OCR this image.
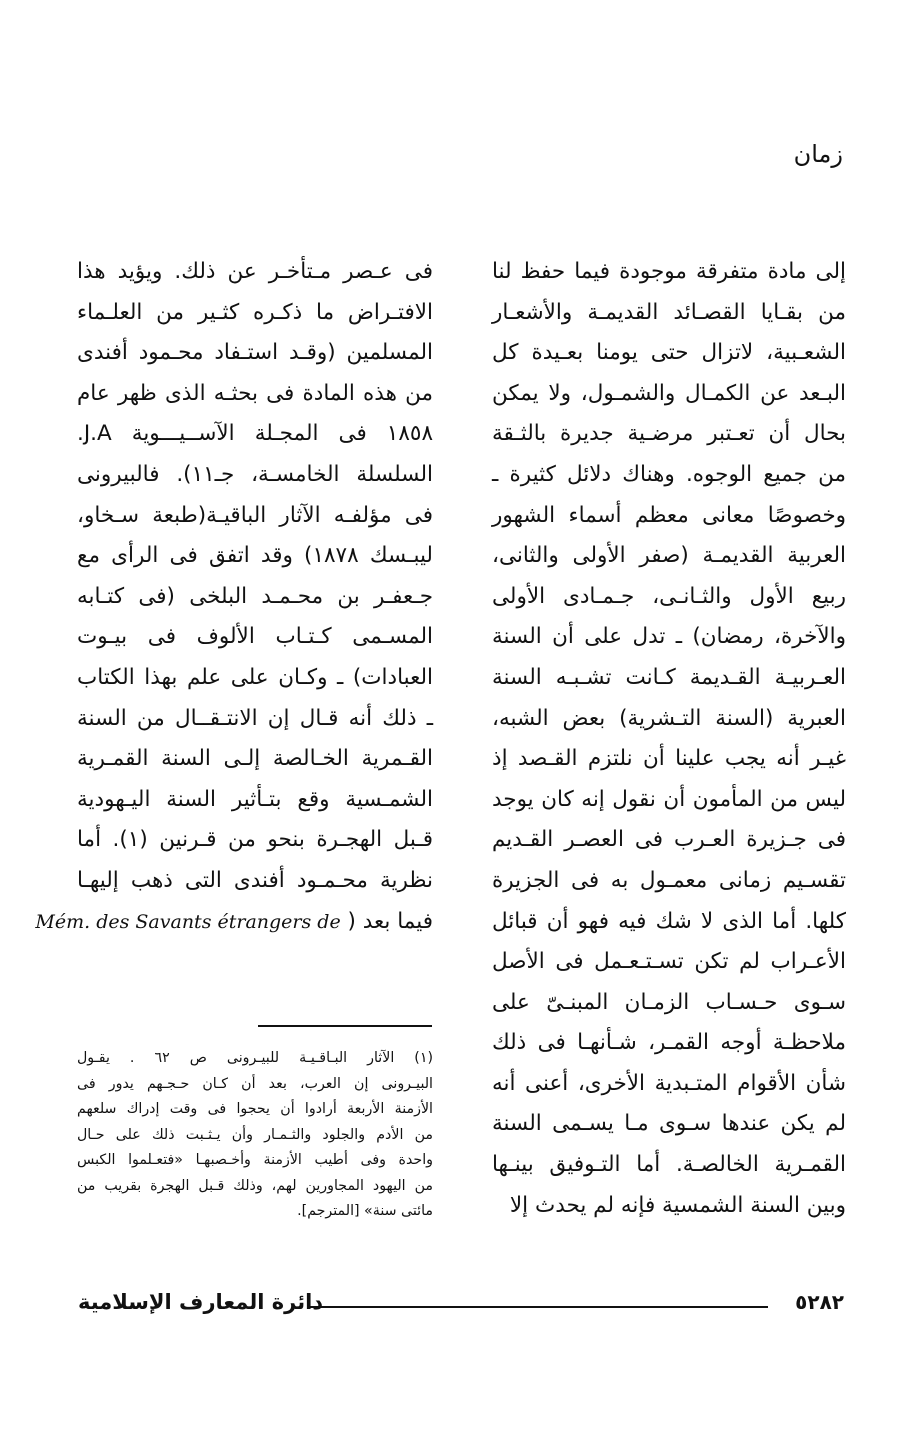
زمان
إلى مادة متفرقة موجودة فيما حفظ لنا
من بقـايا القصـائد القديمـة والأشعـار
الشعـبية، لاتزال حتى يومنا بعـيدة كل
البـعد عن الكمـال والشمـول، ولا يمكن
بحال أن تعـتبر مرضـية جديرة بالثـقة
من جميع الوجوه. وهناك دلائل كثيرة ـ
وخصوصًا معانى معظم أسماء الشهور
العربية القديمـة (صفر الأولى والثانى،
ربيع الأول والثـانـى، جـمـادى الأولى
والآخرة، رمضان) ـ تدل على أن السنة
العـربيـة القـديمة كـانت تشـبـه السنة
العبرية (السنة التـشرية) بعض الشبه،
غيـر أنه يجب علينا أن نلتزم القـصد إذ
ليس من المأمون أن نقول إنه كان يوجد
فى جـزيرة العـرب فى العصـر القـديم
تقسـيم زمانى معمـول به فى الجزيرة
كلها. أما الذى لا شك فيه فهو أن قبائل
الأعـراب لم تكن تسـتـعـمل فى الأصل
سـوى حـسـاب الزمـان المبنـىّ على
ملاحظـة أوجه القمـر، شـأنهـا فى ذلك
شأن الأقوام المتـبدية الأخرى، أعنى أنه
لم يكن عندها سـوى مـا يسـمى السنة
القمـرية الخالصـة. أما التـوفيق بينـها
وبين السنة الشمسية فإنه لم يحدث إلا
فى عـصر مـتأخـر عن ذلك. ويؤيد هذا
الافتـراض ما ذكـره كثـير من العلـماء
المسلمين (وقـد استـفاد محـمود أفندى
من هذه المادة فى بحثـه الذى ظهر عام
١٨٥٨ فى المجـلة الآســيـــوية J.A.
السلسلة الخامسـة، جـ١١). فالبيرونى
فى مؤلفـه الآثار الباقيـة(طبعة سـخاو،
ليبـسك ١٨٧٨) وقد اتفق فى الرأى مع
جـعفـر بن محـمـد البلخى (فى كتـابه
المسـمى كـتـاب الألوف فى بيـوت
العبادات) ـ وكـان على علم بهذا الكتاب
ـ ذلك أنه قـال إن الانتـقــال من السنة
القـمرية الخـالصة إلـى السنة القمـرية
الشمـسية وقع بتـأثير السنة اليـهودية
قـبل الهجـرة بنحو من قـرنين (١). أما
نظرية محـمـود أفندى التى ذهب إليهـا
فيما بعد ( Mém. des Savants étrangers de
(١) الآثار البـاقـيـة للبيـرونى ص ٦٢ . يقـول
البيـرونى إن العرب، بعد أن كـان حـجـهم يدور فى
الأزمنة الأربعة أرادوا أن يحجوا فى وقت إدراك سلعهم
من الأدم والجلود والثـمـار وأن يـثـبت ذلك على حـال
واحدة وفى أطيب الأزمنة وأخـصبهـا «فتعـلموا الكبس
من اليهود المجاورين لهم، وذلك قـبل الهجرة بقريب من
مائتى سنة» [المترجم].
٥٢٨٢
دائرة المعارف الإسلامية
